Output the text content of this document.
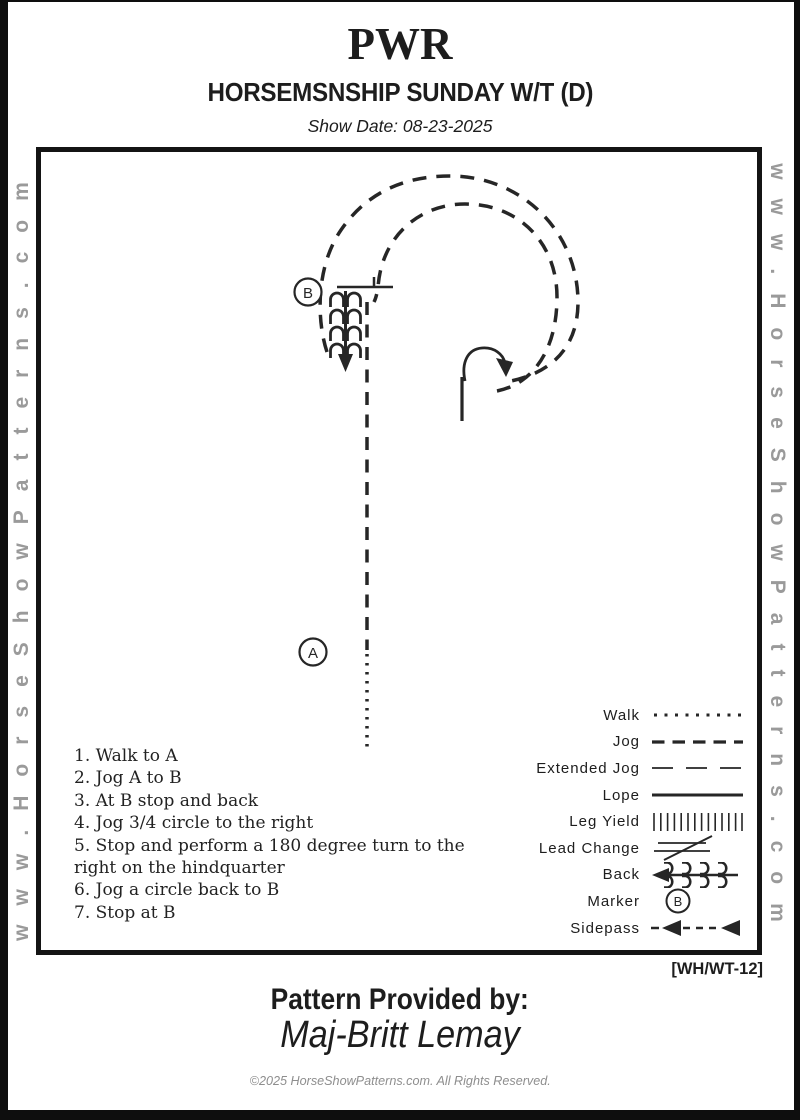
PWR
HORSEMSNSHIP SUNDAY W/T (D)
Show Date: 08-23-2025
www.HorseShowPatterns.com	www.HorseShowPatterns.com
B
A
1. Walk to A
2. Jog A to B
3. At B stop and back
4. Jog 3/4 circle to the right
5. Stop and perform a 180 degree turn to the right on the hindquarter
6. Jog a circle back to B
7. Stop at B
Walk
Jog
Extended Jog
Lope
Leg Yield
Lead Change
Back
Marker	B
Sidepass
[WH/WT-12]
Pattern Provided by:
Maj-Britt Lemay
©2025 HorseShowPatterns.com. All Rights Reserved.
